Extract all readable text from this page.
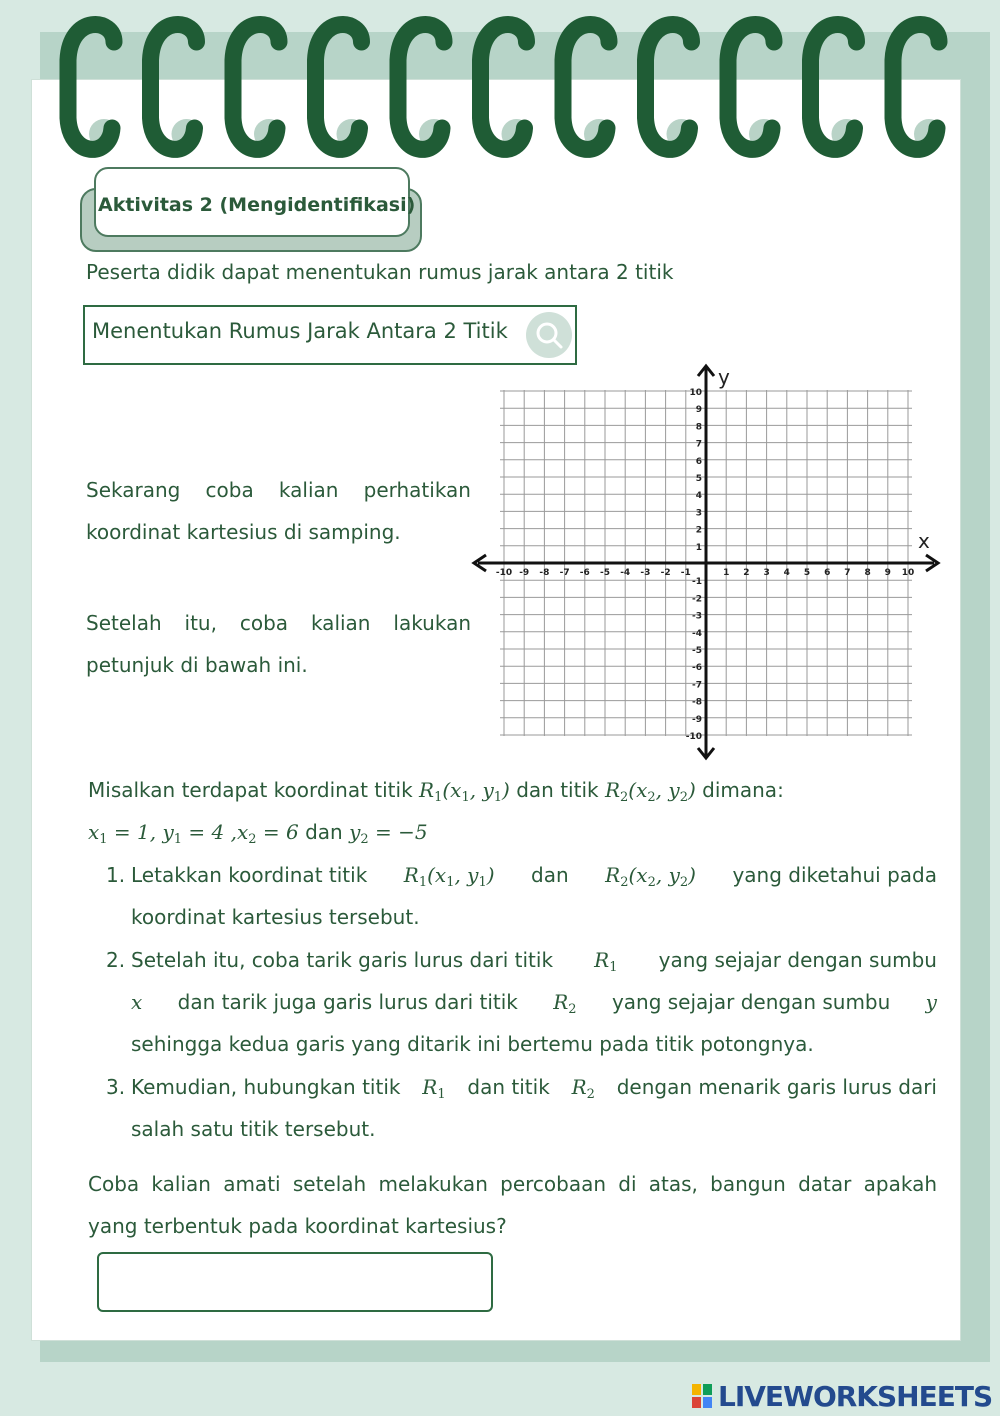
Aktivitas 2 (Mengidentifikasi)

Peserta didik dapat menentukan rumus jarak antara 2 titik

Menentukan Rumus Jarak Antara 2 Titik
Sekarang coba kalian perhatikan
koordinat kartesius di samping.
Setelah itu, coba kalian lakukan
petunjuk di bawah ini.
-10 -9 -8 -7 -6 -5 -4 -3 -2 -1	1 2 3 4 5 6 7 8 9 10
10
9
8
7
6
5
4
3
2
1
-1
-2
-3
-4
-5
-6
-7
-8
-9
-10
x
y
Misalkan terdapat koordinat titik $R_1(x_1$, $y_1$) dan titik $R_2(x_2$, $y_2$) dimana:
$x_1 = 1$, $y_1 = 4$ $,x_2 = 6$ dan $y_2 = -5$
1. Letakkan koordinat titik $R_1(x_1$, $y_1$) dan $R_2(x_2$, $y_2$) yang diketahui pada
koordinat kartesius tersebut.
2. Setelah itu, coba tarik garis lurus dari titik $R_1$ yang sejajar dengan sumbu
x dan tarik juga garis lurus dari titik $R_2$ yang sejajar dengan sumbu y
sehingga kedua garis yang ditarik ini bertemu pada titik potongnya.
3. Kemudian, hubungkan titik $R_1$ dan titik $R_2$ dengan menarik garis lurus dari
salah satu titik tersebut.
Coba kalian amati setelah melakukan percobaan di atas, bangun datar apakah
yang terbentuk pada koordinat kartesius?
LIVEWORKSHEETS
